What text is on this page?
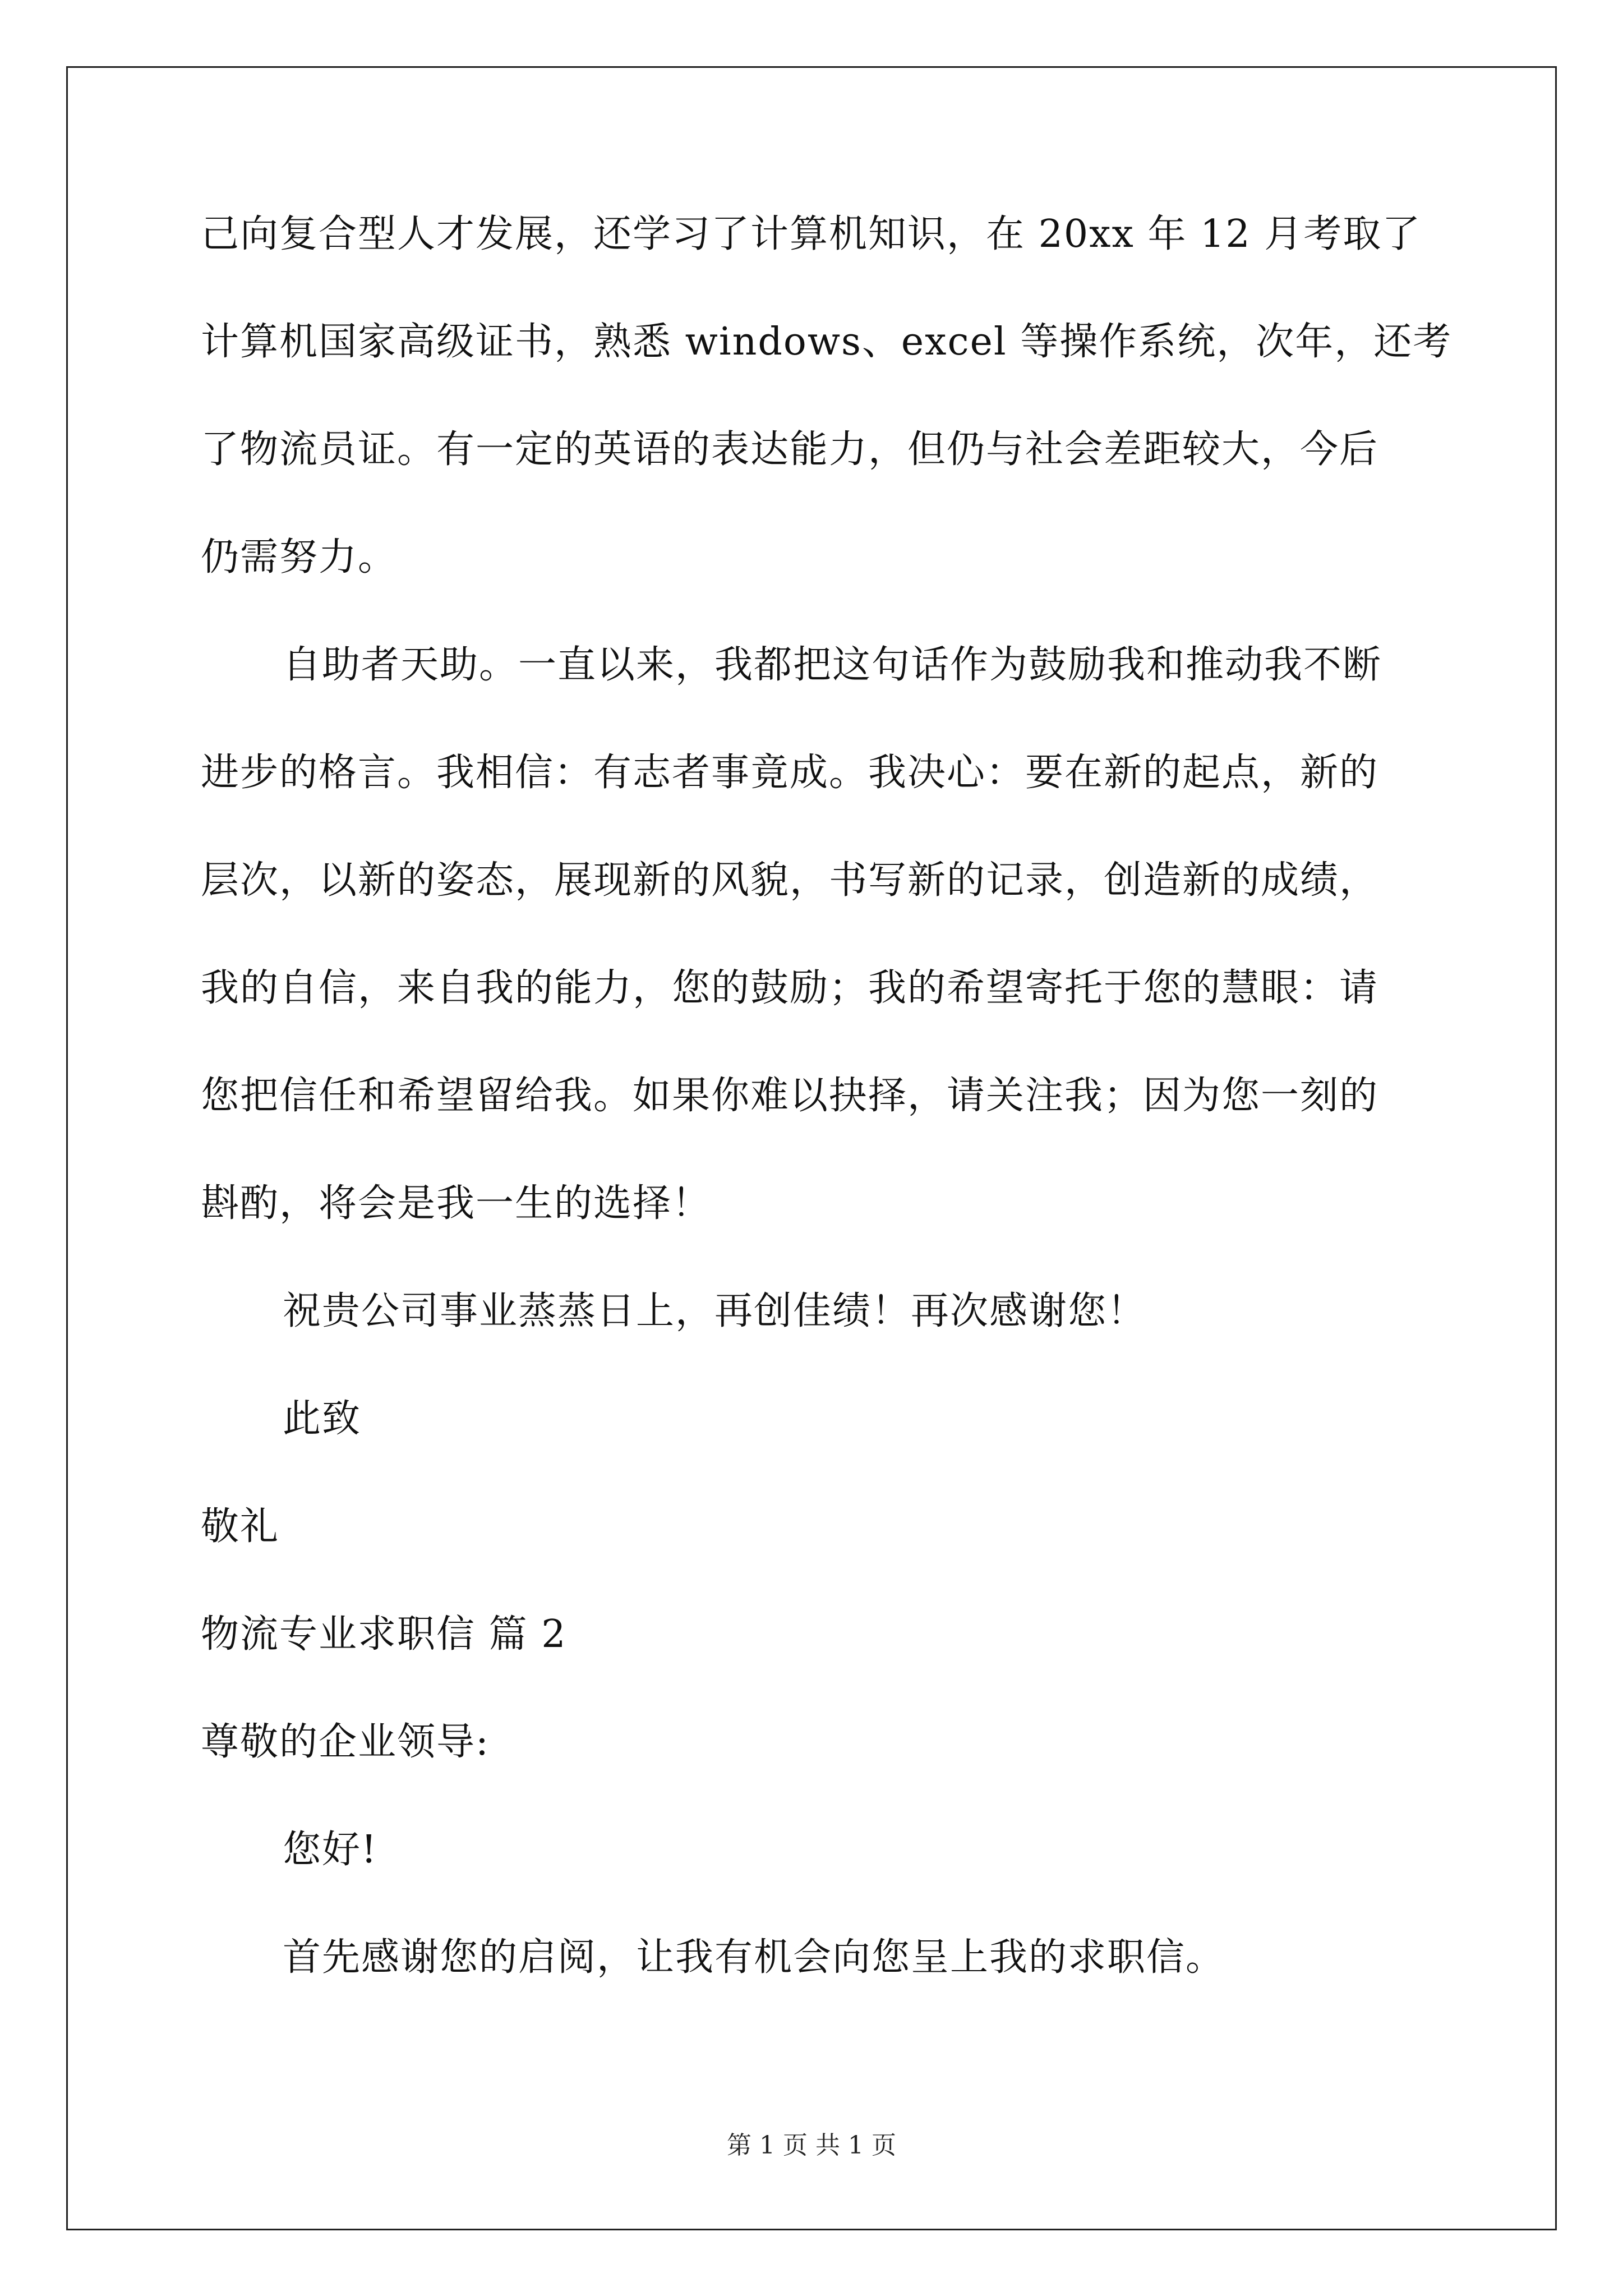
己向复合型人才发展，还学习了计算机知识，在 20xx 年 12 月考取了
计算机国家高级证书，熟悉 windows、excel 等操作系统，次年，还考
了物流员证。有一定的英语的表达能力，但仍与社会差距较大，今后
仍需努力。
自助者天助。一直以来，我都把这句话作为鼓励我和推动我不断
进步的格言。我相信：有志者事竟成。我决心：要在新的起点，新的
层次，以新的姿态，展现新的风貌，书写新的记录，创造新的成绩，
我的自信，来自我的能力，您的鼓励；我的希望寄托于您的慧眼：请
您把信任和希望留给我。如果你难以抉择，请关注我；因为您一刻的
斟酌，将会是我一生的选择！
祝贵公司事业蒸蒸日上，再创佳绩！再次感谢您！
此致
敬礼
物流专业求职信 篇 2
尊敬的企业领导:
您好!
首先感谢您的启阅，让我有机会向您呈上我的求职信。
第 1 页 共 1 页
